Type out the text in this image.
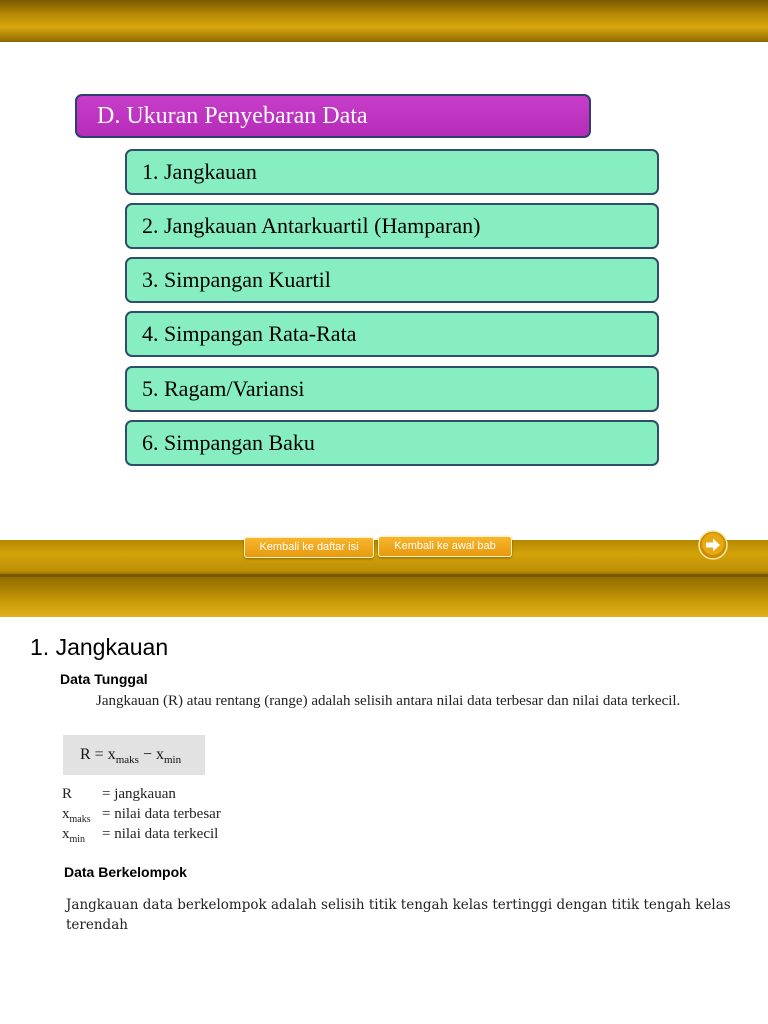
D. Ukuran Penyebaran Data
1. Jangkauan
2. Jangkauan Antarkuartil (Hamparan)
3. Simpangan Kuartil
4. Simpangan Rata-Rata
5. Ragam/Variansi
6. Simpangan Baku
Kembali ke daftar isi	Kembali ke awal bab
1. Jangkauan
Data Tunggal

Jangkauan (R) atau rentang (range) adalah selisih antara nilai data terbesar dan nilai data terkecil.

$R = x_{maks} - x_{min}$
R	= jangkauan
$x_{maks}$ = nilai data terbesar
$x_{min}$	= nilai data terkecil
Data Berkelompok

Jangkauan data berkelompok adalah selisih titik tengah kelas tertinggi dengan titik tengah kelas terendah
